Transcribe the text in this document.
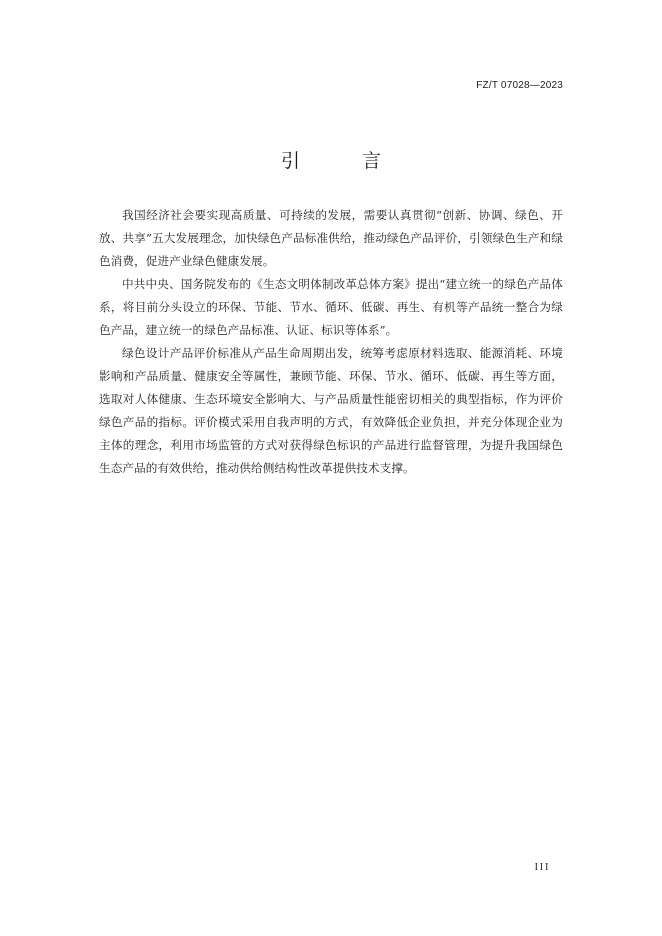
FZ/T 07028—2023
引 言

我国经济社会要实现高质量、可持续的发展，需要认真贯彻“创新、协调、绿色、开放、共享”五大发展理念，加快绿色产品标准供给，推动绿色产品评价，引领绿色生产和绿色消费，促进产业绿色健康发展。

中共中央、国务院发布的《生态文明体制改革总体方案》提出“建立统一的绿色产品体系，将目前分头设立的环保、节能、节水、循环、低碳、再生、有机等产品统一整合为绿色产品，建立统一的绿色产品标准、认证、标识等体系”。

绿色设计产品评价标准从产品生命周期出发，统筹考虑原材料选取、能源消耗、环境影响和产品质量、健康安全等属性，兼顾节能、环保、节水、循环、低碳、再生等方面，选取对人体健康、生态环境安全影响大、与产品质量性能密切相关的典型指标，作为评价绿色产品的指标。评价模式采用自我声明的方式，有效降低企业负担，并充分体现企业为主体的理念，利用市场监管的方式对获得绿色标识的产品进行监督管理，为提升我国绿色生态产品的有效供给，推动供给侧结构性改革提供技术支撑。

III
